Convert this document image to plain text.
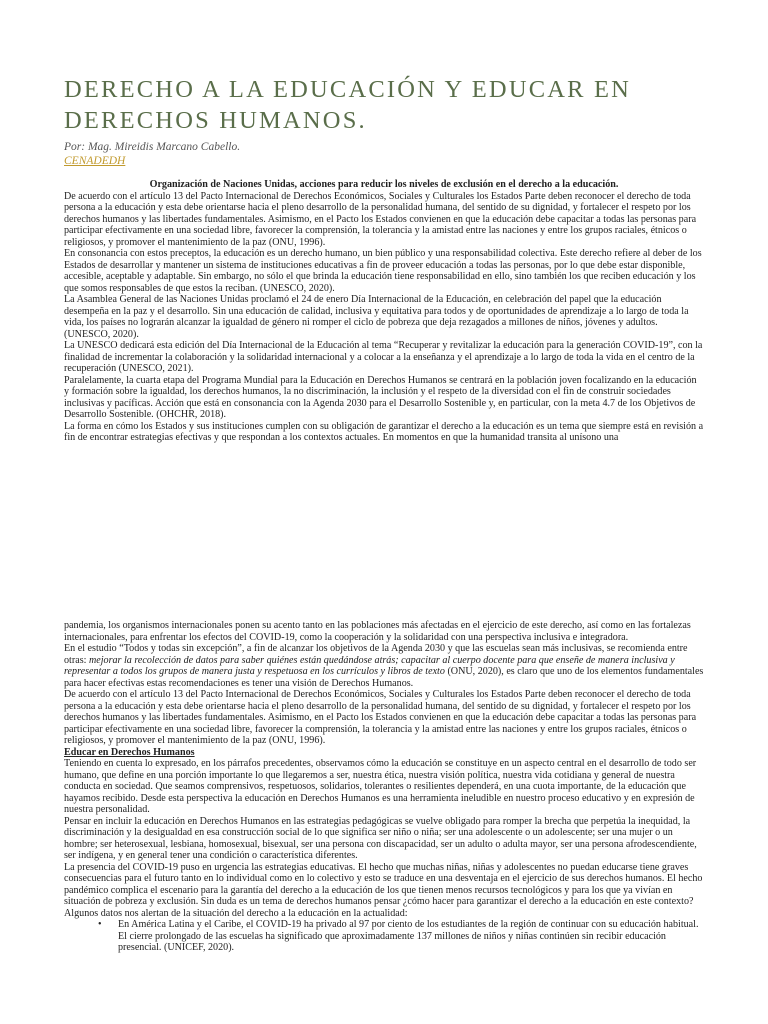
DERECHO A LA EDUCACIÓN Y EDUCAR EN DERECHOS HUMANOS.
Por: Mag. Mireidis Marcano Cabello.
CENADEDH

Organización de Naciones Unidas, acciones para reducir los niveles de exclusión en el derecho a la educación.

De acuerdo con el artículo 13 del Pacto Internacional de Derechos Económicos, Sociales y Culturales los Estados Parte deben reconocer el derecho de toda persona a la educación y esta debe orientarse hacia el pleno desarrollo de la personalidad humana, del sentido de su dignidad, y fortalecer el respeto por los derechos humanos y las libertades fundamentales. Asimismo, en el Pacto los Estados convienen en que la educación debe capacitar a todas las personas para participar efectivamente en una sociedad libre, favorecer la comprensión, la tolerancia y la amistad entre las naciones y entre los grupos raciales, étnicos o religiosos, y promover el mantenimiento de la paz (ONU, 1996).

En consonancia con estos preceptos, la educación es un derecho humano, un bien público y una responsabilidad colectiva. Este derecho refiere al deber de los Estados de desarrollar y mantener un sistema de instituciones educativas a fin de proveer educación a todas las personas, por lo que debe estar disponible, accesible, aceptable y adaptable. Sin embargo, no sólo el que brinda la educación tiene responsabilidad en ello, sino también los que reciben educación y los que somos responsables de que estos la reciban. (UNESCO, 2020).

La Asamblea General de las Naciones Unidas proclamó el 24 de enero Día Internacional de la Educación, en celebración del papel que la educación desempeña en la paz y el desarrollo. Sin una educación de calidad, inclusiva y equitativa para todos y de oportunidades de aprendizaje a lo largo de toda la vida, los países no lograrán alcanzar la igualdad de género ni romper el ciclo de pobreza que deja rezagados a millones de niños, jóvenes y adultos. (UNESCO, 2020).

La UNESCO dedicará esta edición del Día Internacional de la Educación al tema “Recuperar y revitalizar la educación para la generación COVID-19”, con la finalidad de incrementar la colaboración y la solidaridad internacional y a colocar a la enseñanza y el aprendizaje a lo largo de toda la vida en el centro de la recuperación (UNESCO, 2021).

Paralelamente, la cuarta etapa del Programa Mundial para la Educación en Derechos Humanos se centrará en la población joven focalizando en la educación y formación sobre la igualdad, los derechos humanos, la no discriminación, la inclusión y el respeto de la diversidad con el fin de construir sociedades inclusivas y pacíficas. Acción que está en consonancia con la Agenda 2030 para el Desarrollo Sostenible y, en particular, con la meta 4.7 de los Objetivos de Desarrollo Sostenible. (OHCHR, 2018).

La forma en cómo los Estados y sus instituciones cumplen con su obligación de garantizar el derecho a la educación es un tema que siempre está en revisión a fin de encontrar estrategias efectivas y que respondan a los contextos actuales. En momentos en que la humanidad transita al unísono una

pandemia, los organismos internacionales ponen su acento tanto en las poblaciones más afectadas en el ejercicio de este derecho, así como en las fortalezas internacionales, para enfrentar los efectos del COVID-19, como la cooperación y la solidaridad con una perspectiva inclusiva e integradora.

En el estudio “Todos y todas sin excepción”, a fin de alcanzar los objetivos de la Agenda 2030 y que las escuelas sean más inclusivas, se recomienda entre otras: mejorar la recolección de datos para saber quiénes están quedándose atrás; capacitar al cuerpo docente para que enseñe de manera inclusiva y representar a todos los grupos de manera justa y respetuosa en los currículos y libros de texto (ONU, 2020), es claro que uno de los elementos fundamentales para hacer efectivas estas recomendaciones es tener una visión de Derechos Humanos.

De acuerdo con el artículo 13 del Pacto Internacional de Derechos Económicos, Sociales y Culturales los Estados Parte deben reconocer el derecho de toda persona a la educación y esta debe orientarse hacia el pleno desarrollo de la personalidad humana, del sentido de su dignidad, y fortalecer el respeto por los derechos humanos y las libertades fundamentales. Asimismo, en el Pacto los Estados convienen en que la educación debe capacitar a todas las personas para participar efectivamente en una sociedad libre, favorecer la comprensión, la tolerancia y la amistad entre las naciones y entre los grupos raciales, étnicos o religiosos, y promover el mantenimiento de la paz (ONU, 1996).

Educar en Derechos Humanos

Teniendo en cuenta lo expresado, en los párrafos precedentes, observamos cómo la educación se constituye en un aspecto central en el desarrollo de todo ser humano, que define en una porción importante lo que llegaremos a ser, nuestra ética, nuestra visión política, nuestra vida cotidiana y general de nuestra conducta en sociedad. Que seamos comprensivos, respetuosos, solidarios, tolerantes o resilientes dependerá, en una cuota importante, de la educación que hayamos recibido. Desde esta perspectiva la educación en Derechos Humanos es una herramienta ineludible en nuestro proceso educativo y en expresión de nuestra personalidad.

Pensar en incluir la educación en Derechos Humanos en las estrategias pedagógicas se vuelve obligado para romper la brecha que perpetúa la inequidad, la discriminación y la desigualdad en esa construcción social de lo que significa ser niño o niña; ser una adolescente o un adolescente; ser una mujer o un hombre; ser heterosexual, lesbiana, homosexual, bisexual, ser una persona con discapacidad, ser un adulto o adulta mayor, ser una persona afrodescendiente, ser indígena, y en general tener una condición o característica diferentes.

La presencia del COVID-19 puso en urgencia las estrategias educativas. El hecho que muchas niñas, niñas y adolescentes no puedan educarse tiene graves consecuencias para el futuro tanto en lo individual como en lo colectivo y esto se traduce en una desventaja en el ejercicio de sus derechos humanos. El hecho pandémico complica el escenario para la garantía del derecho a la educación de los que tienen menos recursos tecnológicos y para los que ya vivían en situación de pobreza y exclusión. Sin duda es un tema de derechos humanos pensar ¿cómo hacer para garantizar el derecho a la educación en este contexto?

Algunos datos nos alertan de la situación del derecho a la educación en la actualidad:

•	En América Latina y el Caribe, el COVID-19 ha privado al 97 por ciento de los estudiantes de la región de continuar con su educación habitual. El cierre prolongado de las escuelas ha significado que aproximadamente 137 millones de niños y niñas continúen sin recibir educación presencial. (UNICEF, 2020).
